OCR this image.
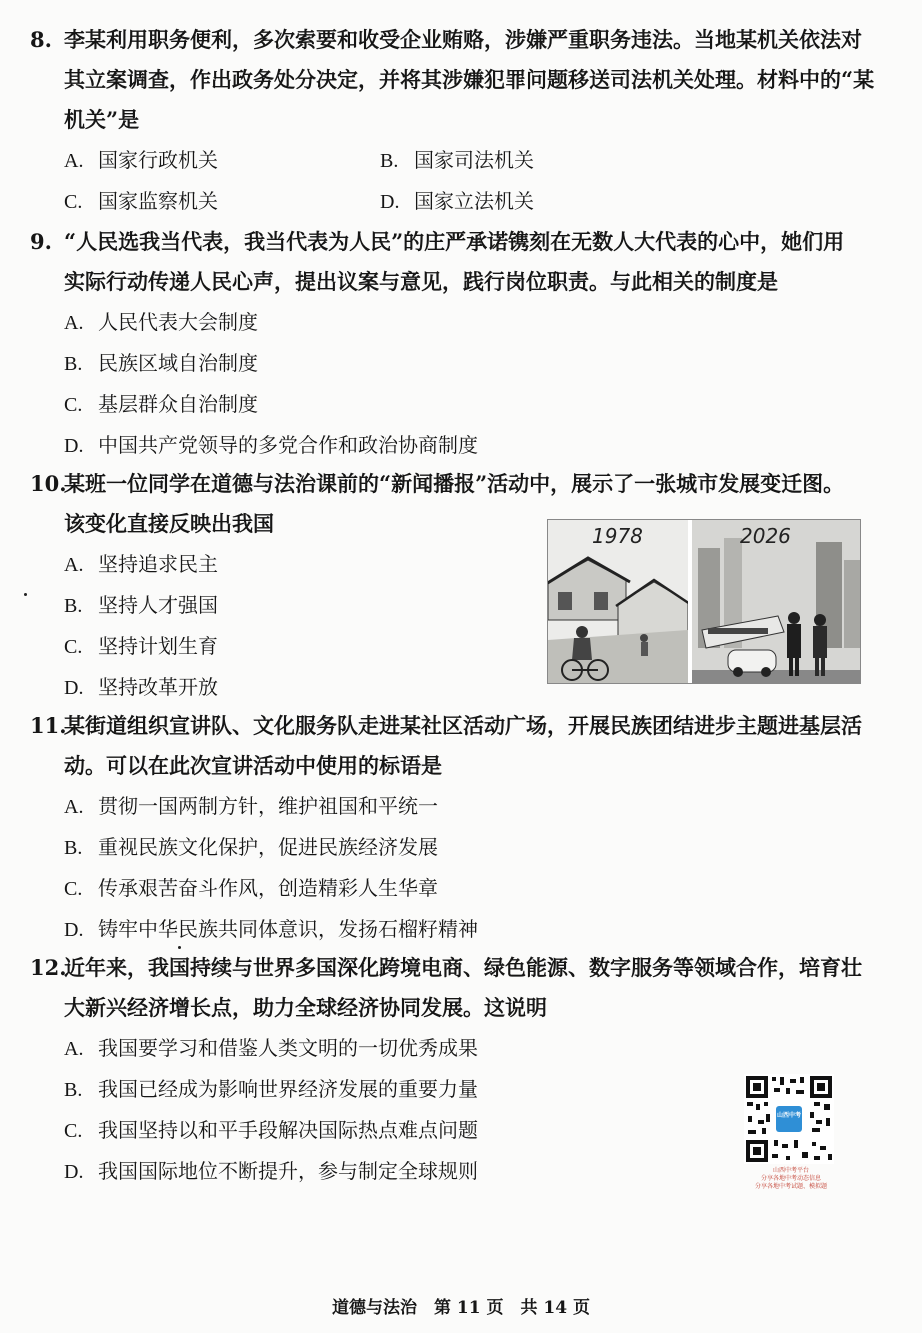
8. 李某利用职务便利，多次索要和收受企业贿赂，涉嫌严重职务违法。当地某机关依法对
其立案调查，作出政务处分决定，并将其涉嫌犯罪问题移送司法机关处理。材料中的“某
机关”是
A. 国家行政机关	B. 国家司法机关
C. 国家监察机关	D. 国家立法机关
9. “人民选我当代表，我当代表为人民”的庄严承诺镌刻在无数人大代表的心中，她们用
实际行动传递人民心声，提出议案与意见，践行岗位职责。与此相关的制度是
A. 人民代表大会制度
B. 民族区域自治制度
C. 基层群众自治制度
D. 中国共产党领导的多党合作和政治协商制度
10.某班一位同学在道德与法治课前的“新闻播报”活动中，展示了一张城市发展变迁图。
该变化直接反映出我国
A. 坚持追求民主
B. 坚持人才强国
C. 坚持计划生育
D. 坚持改革开放
1978	2026
11.某街道组织宣讲队、文化服务队走进某社区活动广场，开展民族团结进步主题进基层活
动。可以在此次宣讲活动中使用的标语是
A. 贯彻一国两制方针，维护祖国和平统一
B. 重视民族文化保护，促进民族经济发展
C. 传承艰苦奋斗作风，创造精彩人生华章
D. 铸牢中华民族共同体意识，发扬石榴籽精神
12.近年来，我国持续与世界多国深化跨境电商、绿色能源、数字服务等领域合作，培育壮
大新兴经济增长点，助力全球经济协同发展。这说明
A. 我国要学习和借鉴人类文明的一切优秀成果
B. 我国已经成为影响世界经济发展的重要力量
C. 我国坚持以和平手段解决国际热点难点问题
D. 我国国际地位不断提升，参与制定全球规则
山西中考
山西中考平台
分享各地中考动态信息
分享各地中考试题、模拟题
道德与法治　第 11 页　共 14 页
